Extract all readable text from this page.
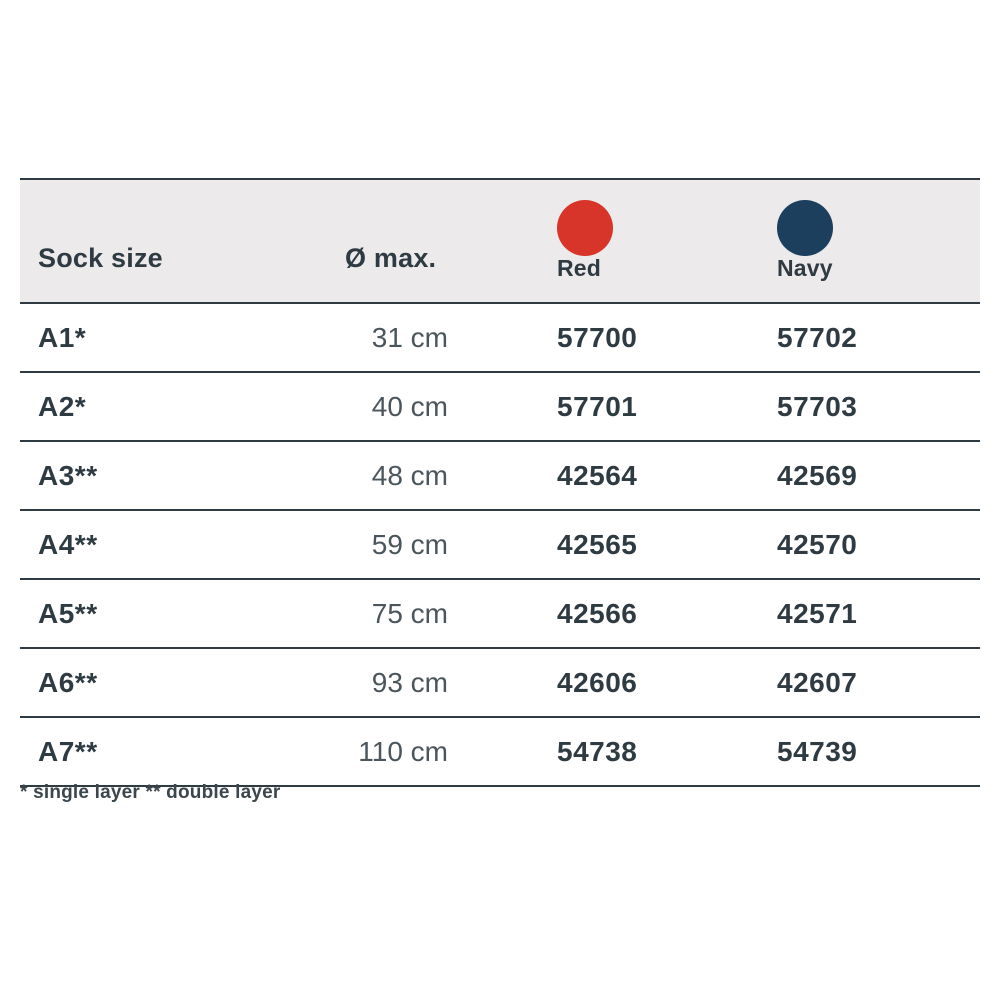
Sock size	Ø max.	Red	Navy

A1*	31 cm	57700	57702
A2*	40 cm	57701	57703
A3**	48 cm	42564	42569
A4**	59 cm	42565	42570
A5**	75 cm	42566	42571
A6**	93 cm	42606	42607
A7**	110 cm	54738	54739
* single layer ** double layer
